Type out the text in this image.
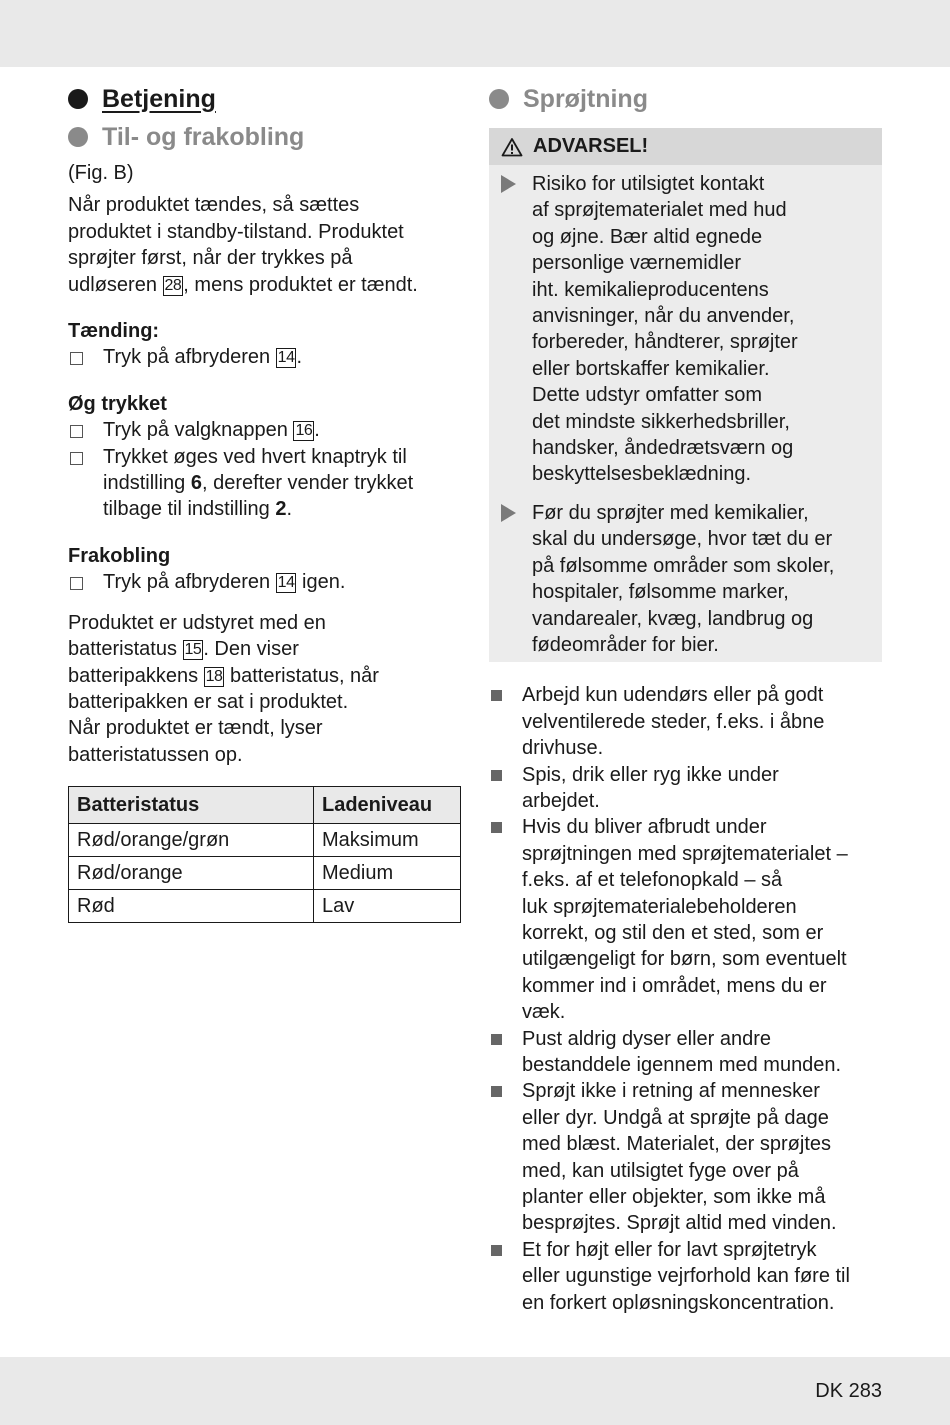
Betjening
Til- og frakobling

(Fig. B)

Når produktet tændes, så sættes

produktet i standby-tilstand. Produktet

sprøjter først, når der trykkes på

udløseren 28 , mens produktet er tændt.

Tænding:

Tryk på afbryderen 14 .

Øg trykket

Tryk på valgknappen 16 .
Trykket øges ved hvert knaptryk til
indstilling 6, derefter vender trykket
tilbage til indstilling 2.

Frakobling

Tryk på afbryderen 14 igen.

Produktet er udstyret med en

batteristatus 15 . Den viser

batteripakkens 18 batteristatus, når

batteripakken er sat i produktet.

Når produktet er tændt, lyser

batteristatussen op.

Batteristatus	Ladeniveau
Rød/orange/grøn	Maksimum
Rød/orange	Medium
Rød	Lav
Sprøjtning
ADVARSEL!
Risiko for utilsigtet kontakt
af sprøjtematerialet med hud
og øjne. Bær altid egnede
personlige værnemidler
iht. kemikalieproducentens
anvisninger, når du anvender,
forbereder, håndterer, sprøjter
eller bortskaffer kemikalier.
Dette udstyr omfatter som
det mindste sikkerhedsbriller,
handsker, åndedrætsværn og
beskyttelsesbeklædning.
Før du sprøjter med kemikalier,
skal du undersøge, hvor tæt du er
på følsomme områder som skoler,
hospitaler, følsomme marker,
vandarealer, kvæg, landbrug og
fødeområder for bier.
Arbejd kun udendørs eller på godt
velventilerede steder, f.eks. i åbne
drivhuse.
Spis, drik eller ryg ikke under
arbejdet.
Hvis du bliver afbrudt under
sprøjtningen med sprøjtematerialet –
f.eks. af et telefonopkald – så
luk sprøjtematerialebeholderen
korrekt, og stil den et sted, som er
utilgængeligt for børn, som eventuelt
kommer ind i området, mens du er
væk.
Pust aldrig dyser eller andre
bestanddele igennem med munden.
Sprøjt ikke i retning af mennesker
eller dyr. Undgå at sprøjte på dage
med blæst. Materialet, der sprøjtes
med, kan utilsigtet fyge over på
planter eller objekter, som ikke må
besprøjtes. Sprøjt altid med vinden.
Et for højt eller for lavt sprøjtetryk
eller ugunstige vejrforhold kan føre til
en forkert opløsningskoncentration.
DK 283
